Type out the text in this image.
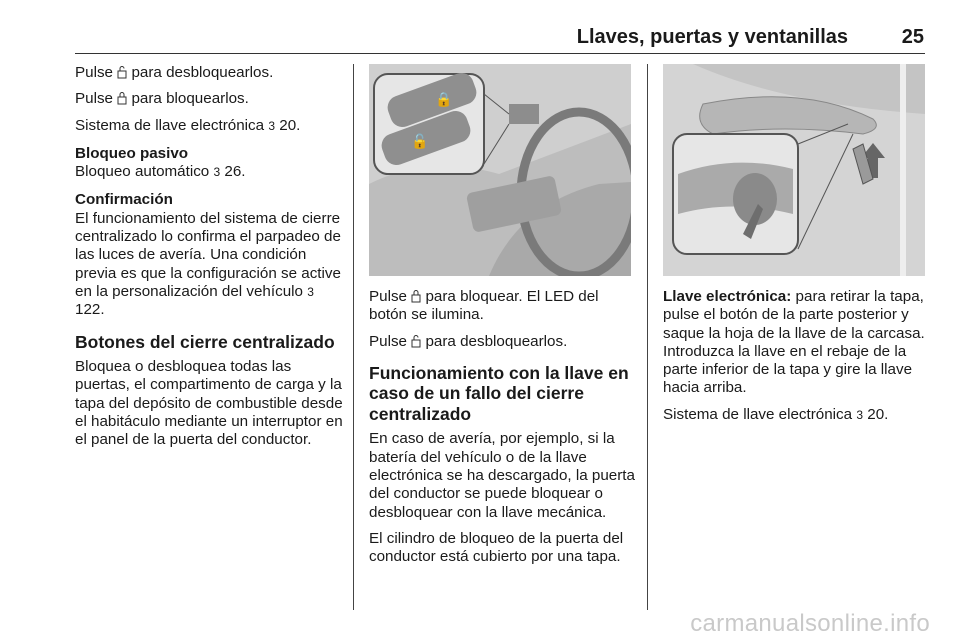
Llaves, puertas y ventanillas	25

Pulse para desbloquearlos.

Pulse para bloquearlos.

Sistema de llave electrónica 3 20.

Bloqueo pasivo

Bloqueo automático 3 26.

Confirmación

El funcionamiento del sistema de cierre centralizado lo confirma el parpadeo de las luces de avería. Una condición previa es que la configuración se active en la personalización del vehículo 3 122.

Botones del cierre centralizado

Bloquea o desbloquea todas las puertas, el compartimento de carga y la tapa del depósito de combustible desde el habitáculo mediante un interruptor en el panel de la puerta del conductor.

🔒
🔓

Pulse para bloquear. El LED del botón se ilumina.

Pulse para desbloquearlos.

Funcionamiento con la llave en caso de un fallo del cierre centralizado

En caso de avería, por ejemplo, si la batería del vehículo o de la llave electrónica se ha descargado, la puerta del conductor se puede bloquear o desbloquear con la llave mecánica.

El cilindro de bloqueo de la puerta del conductor está cubierto por una tapa.

Llave electrónica: para retirar la tapa, pulse el botón de la parte posterior y saque la hoja de la llave de la carcasa. Introduzca la llave en el rebaje de la parte inferior de la tapa y gire la llave hacia arriba.

Sistema de llave electrónica 3 20.

carmanualsonline.info
